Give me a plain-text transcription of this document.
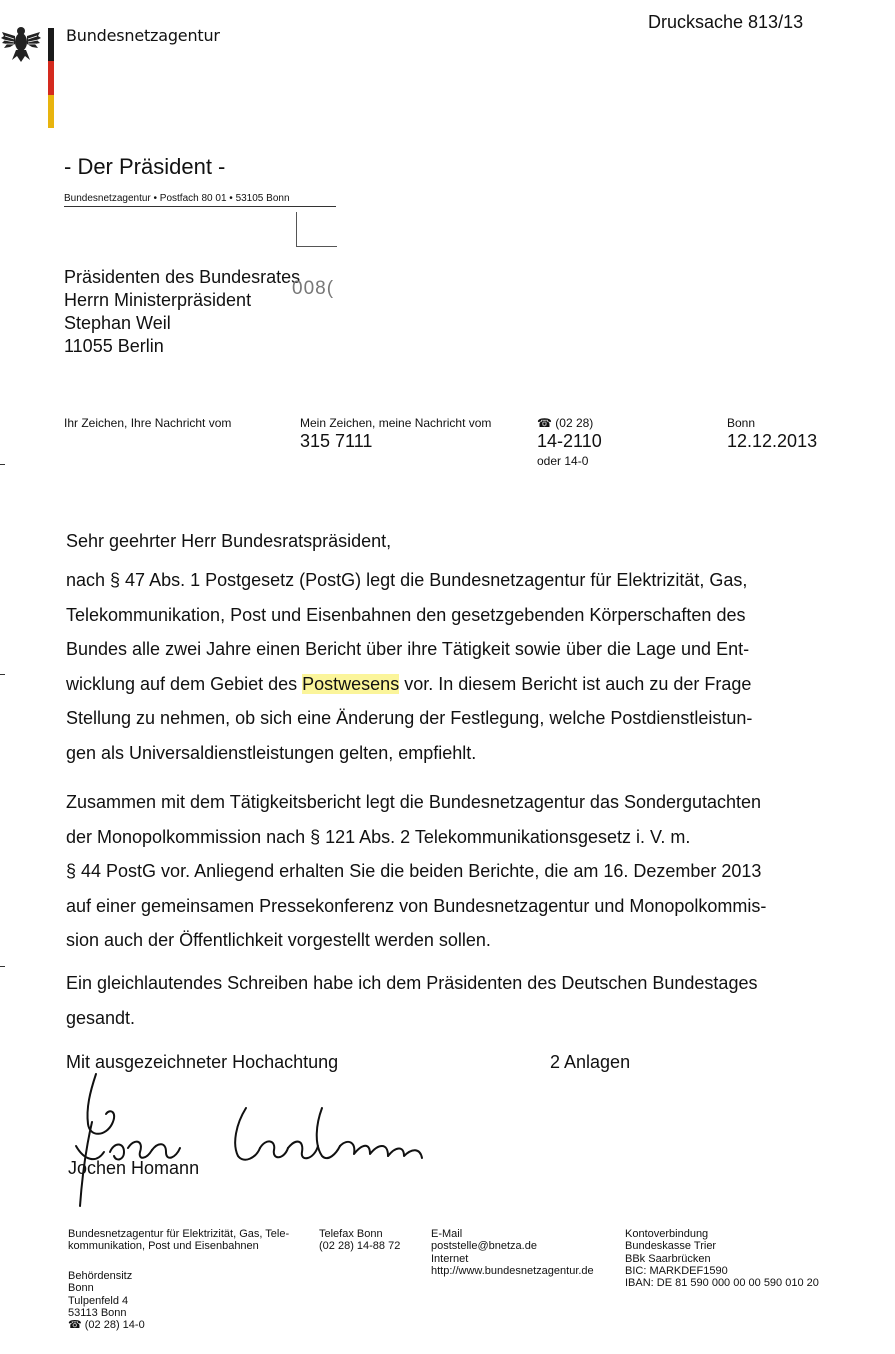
Bundesnetzagentur
Drucksache 813/13
- Der Präsident -
Bundesnetzagentur • Postfach 80 01 • 53105 Bonn
Präsidenten des Bundesrates
Herrn Ministerpräsident
Stephan Weil
11055 Berlin
008(
Ihr Zeichen, Ihre Nachricht vom	Mein Zeichen, meine Nachricht vom
315 7111
☎ (02 28)
14-2110
oder 14-0
Bonn
12.12.2013
Sehr geehrter Herr Bundesratspräsident,
nach § 47 Abs. 1 Postgesetz (PostG) legt die Bundesnetzagentur für Elektrizität, Gas,
Telekommunikation, Post und Eisenbahnen den gesetzgebenden Körperschaften des
Bundes alle zwei Jahre einen Bericht über ihre Tätigkeit sowie über die Lage und Ent-
wicklung auf dem Gebiet des Postwesens vor. In diesem Bericht ist auch zu der Frage
Stellung zu nehmen, ob sich eine Änderung der Festlegung, welche Postdienstleistun-
gen als Universaldienstleistungen gelten, empfiehlt.
Zusammen mit dem Tätigkeitsbericht legt die Bundesnetzagentur das Sondergutachten
der Monopolkommission nach § 121 Abs. 2 Telekommunikationsgesetz i. V. m.
§ 44 PostG vor. Anliegend erhalten Sie die beiden Berichte, die am 16. Dezember 2013
auf einer gemeinsamen Pressekonferenz von Bundesnetzagentur und Monopolkommis-
sion auch der Öffentlichkeit vorgestellt werden sollen.
Ein gleichlautendes Schreiben habe ich dem Präsidenten des Deutschen Bundestages
gesandt.
Mit ausgezeichneter Hochachtung	2 Anlagen
Jochen Homann
Bundesnetzagentur für Elektrizität, Gas, Tele-
kommunikation, Post und Eisenbahnen
Behördensitz
Bonn
Tulpenfeld 4
53113 Bonn
☎ (02 28) 14-0
Telefax Bonn
(02 28) 14-88 72
E-Mail
poststelle@bnetza.de
Internet
http://www.bundesnetzagentur.de
Kontoverbindung
Bundeskasse Trier
BBk Saarbrücken
BIC: MARKDEF1590
IBAN: DE 81 590 000 00 00 590 010 20
